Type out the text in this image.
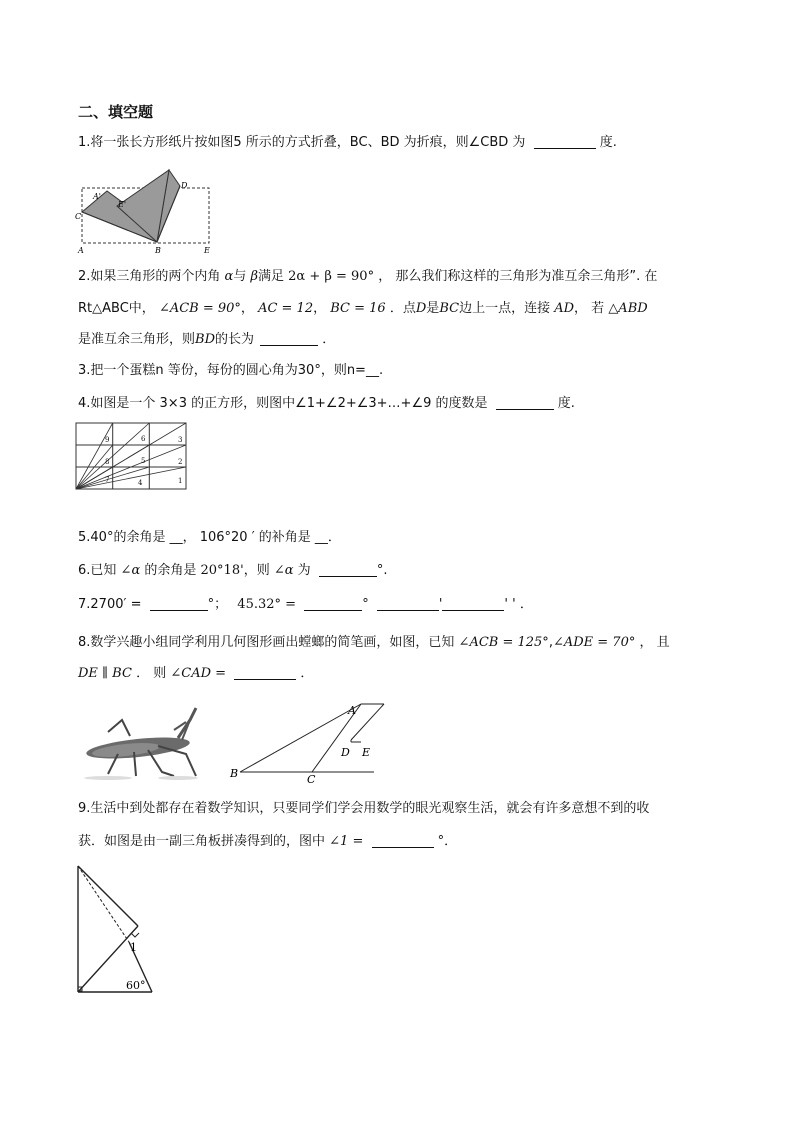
二、填空题
1.将一张长方形纸片按如图5 所示的方式折叠，BC、BD 为折痕，则∠CBD 为	度.
A'
E'
C
D
A	B	E
2.如果三角形的两个内角 α与 β满足 2α + β = 90° ， 那么我们称这样的三角形为准互余三角形”. 在
Rt△ABC中， ∠ACB = 90°， AC = 12， BC = 16 ．点D是BC边上一点，连接 AD， 若 △ABD
是准互余三角形，则BD的长为	．
3.把一个蛋糕n 等份，每份的圆心角为30°，则n=__.
4.如图是一个 3×3 的正方形，则图中∠1+∠2+∠3+…+∠9 的度数是	度.
1
2
3
4
5
6
7
8
9
5.40°的余角是 __， 106°20 ′ 的补角是 __．
6.已知 ∠α 的余角是 20°18'，则 ∠α 为	°.
7.2700′ =	°； 45.32° =	°	'	' ' ．
8.数学兴趣小组同学利用几何图形画出螳螂的简笔画，如图，已知 ∠ACB = 125°,∠ADE = 70° ， 且
DE ∥ BC ． 则 ∠CAD =	．
A
D E
B	C
9.生活中到处都存在着数学知识，只要同学们学会用数学的眼光观察生活，就会有许多意想不到的收
获．如图是由一副三角板拼凑得到的，图中 ∠1 =	°．
1
60°
